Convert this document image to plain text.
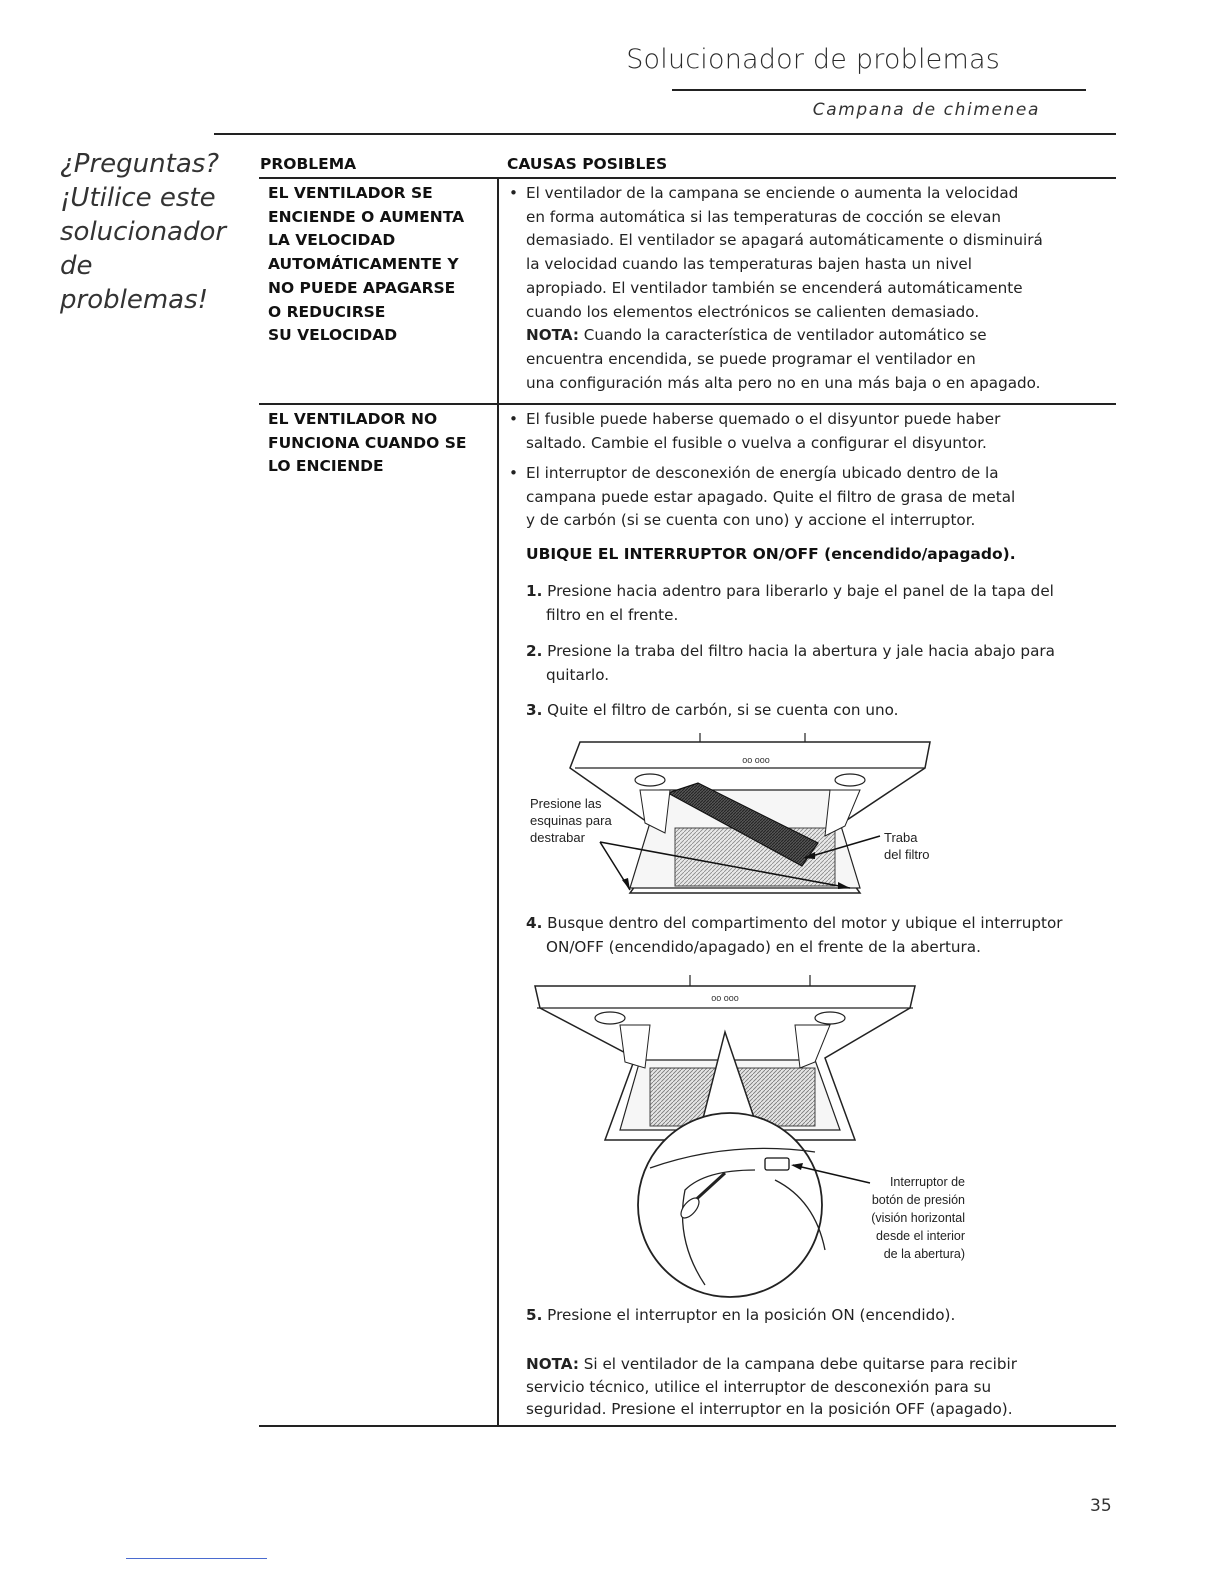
Solucionador de problemas
Campana de chimenea
¿Preguntas?
¡Utilice este
solucionador
de
problemas!
PROBLEMA	CAUSAS POSIBLES
EL VENTILADOR SE
ENCIENDE O AUMENTA
LA VELOCIDAD
AUTOMÁTICAMENTE Y
NO PUEDE APAGARSE
O REDUCIRSE
SU VELOCIDAD
• El ventilador de la campana se enciende o aumenta la velocidad

en forma automática si las temperaturas de cocción se elevan

demasiado. El ventilador se apagará automáticamente o disminuirá

la velocidad cuando las temperaturas bajen hasta un nivel

apropiado. El ventilador también se encenderá automáticamente

cuando los elementos electrónicos se calienten demasiado.

NOTA: Cuando la característica de ventilador automático se

encuentra encendida, se puede programar el ventilador en

una configuración más alta pero no en una más baja o en apagado.

EL VENTILADOR NO
FUNCIONA CUANDO SE
LO ENCIENDE
• El fusible puede haberse quemado o el disyuntor puede haber

saltado. Cambie el fusible o vuelva a configurar el disyuntor.

• El interruptor de desconexión de energía ubicado dentro de la

campana puede estar apagado. Quite el filtro de grasa de metal

y de carbón (si se cuenta con uno) y accione el interruptor.

UBIQUE EL INTERRUPTOR ON/OFF (encendido/apagado).
1. Presione hacia adentro para liberarlo y baje el panel de la tapa del
filtro en el frente.
2. Presione la traba del filtro hacia la abertura y jale hacia abajo para
quitarlo.
3. Quite el filtro de carbón, si se cuenta con uno.
oo ooo
Presione las
esquinas para
destrabar	Traba
del filtro
4. Busque dentro del compartimento del motor y ubique el interruptor
ON/OFF (encendido/apagado) en el frente de la abertura.
oo ooo
Interruptor de
botón de presión
(visión horizontal
desde el interior
de la abertura)
5. Presione el interruptor en la posición ON (encendido).
NOTA: Si el ventilador de la campana debe quitarse para recibir
servicio técnico, utilice el interruptor de desconexión para su
seguridad. Presione el interruptor en la posición OFF (apagado).
35
